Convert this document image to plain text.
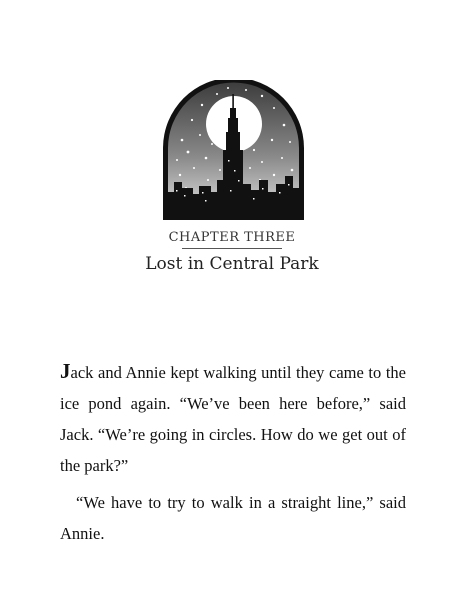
CHAPTER THREE
Lost in Central Park

Jack and Annie kept walking until they came to the ice pond again. “We’ve been here before,” said Jack. “We’re going in circles. How do we get out of the park?”

“We have to try to walk in a straight line,” said Annie.
